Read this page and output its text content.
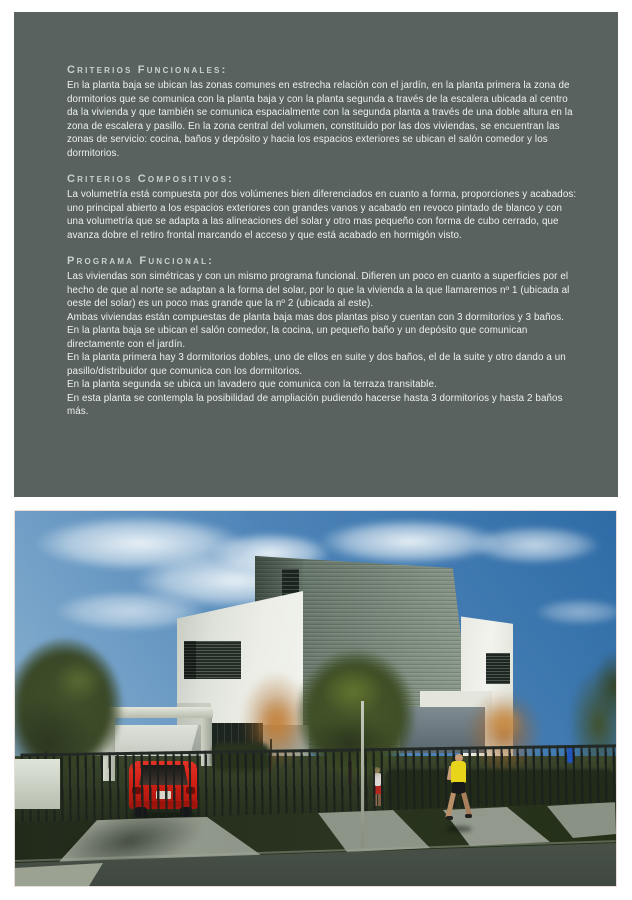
Criterios Funcionales:

En la planta baja se ubican las zonas comunes en estrecha relación con el jardín, en la planta primera la zona de dormitorios que se comunica con la planta baja y con la planta segunda a través de la escalera ubicada al centro da la vivienda y que también se comunica espacialmente con la segunda planta a través de una doble altura en la zona de escalera y pasillo. En la zona central del volumen, constituido por las dos viviendas, se encuentran las zonas de servicio: cocina, baños y depósito y hacia los espacios exteriores se ubican el salón comedor y los dormitorios.

Criterios Compositivos:

La volumetría está compuesta por dos volúmenes bien diferenciados en cuanto a forma, proporciones y acabados: uno principal abierto a los espacios exteriores con grandes vanos y acabado en revoco pintado de blanco y con una volumetría que se adapta a las alineaciones del solar y otro mas pequeño con forma de cubo cerrado, que avanza dobre el retiro frontal marcando el acceso y que está acabado en hormigón visto.

Programa Funcional:

Las viviendas son simétricas y con un mismo programa funcional. Difieren un poco en cuanto a superficies por el hecho de que al norte se adaptan a la forma del solar, por lo que la vivienda a la que llamaremos nº 1 (ubicada al oeste del solar) es un poco mas grande que la nº 2 (ubicada al este).

Ambas viviendas están compuestas de planta baja mas dos plantas piso y cuentan con 3 dormitorios y 3 baños.

En la planta baja se ubican el salón comedor, la cocina, un pequeño baño y un depósito que comunican directamente con el jardín.

En la planta primera hay 3 dormitorios dobles, uno de ellos en suite y dos baños, el de la suite y otro dando a un pasillo/distribuidor que comunica con los dormitorios.

En la planta segunda se ubica un lavadero que comunica con la terraza transitable.

En esta planta se contempla la posibilidad de ampliación pudiendo hacerse hasta 3 dormitorios y hasta 2 baños más.
